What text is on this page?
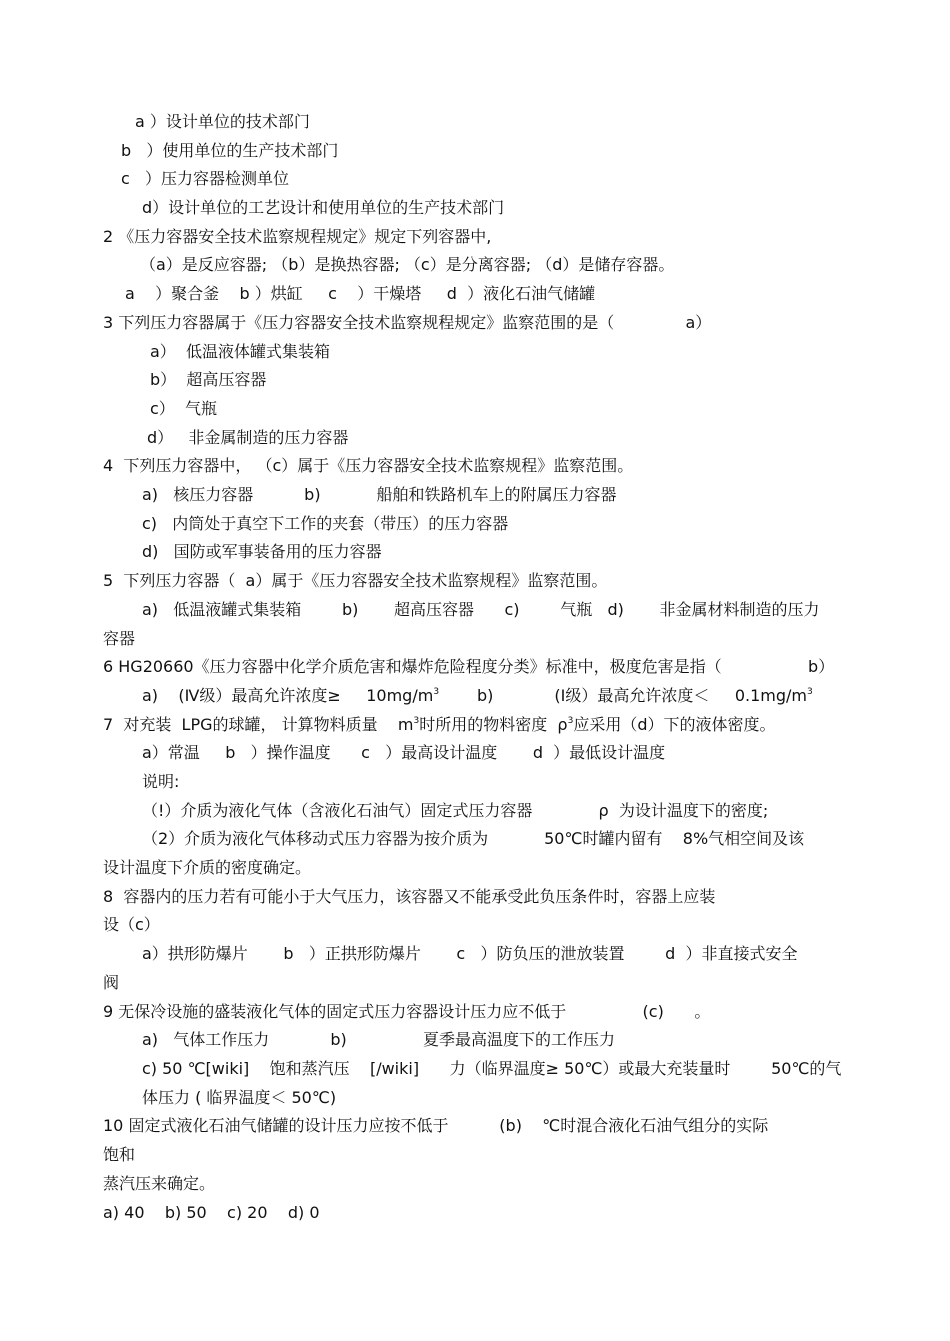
a ）设计单位的技术部门
b   ）使用单位的生产技术部门
c   ）压力容器检测单位
d）设计单位的工艺设计和使用单位的生产技术部门
2 《压力容器安全技术监察规程规定》规定下列容器中,
（a）是反应容器; （b）是换热容器; （c）是分离容器; （d）是储存容器。
a    ）聚合釜    b ）烘缸     c    ）干燥塔     d  ）液化石油气储罐
3 下列压力容器属于《压力容器安全技术监察规程规定》监察范围的是（              a）
a）  低温液体罐式集装箱
b）  超高压容器
c）  气瓶
d）   非金属制造的压力容器
4  下列压力容器中， （c）属于《压力容器安全技术监察规程》监察范围。
a)   核压力容器          b)           船舶和铁路机车上的附属压力容器
c)   内筒处于真空下工作的夹套（带压）的压力容器
d)   国防或军事装备用的压力容器
5  下列压力容器（  a）属于《压力容器安全技术监察规程》监察范围。
a)   低温液罐式集装箱        b)       超高压容器      c)        气瓶   d)       非金属材料制造的压力
容器
6 HG20660《压力容器中化学介质危害和爆炸危险程度分类》标准中，极度危害是指（                 b）
a)    (Ⅳ级）最高允许浓度≥     $10mg/m^3$ b)            (Ⅰ级）最高允许浓度＜     $0.1mg/m^3$
7  对充装  LPG的球罐， 计算物料质量    $m^3$时所用的物料密度  $\rho^3$应采用（d）下的液体密度。
a）常温     b   ）操作温度      c   ）最高设计温度       d  ）最低设计温度
说明:
（!）介质为液化气体（含液化石油气）固定式压力容器             ρ  为设计温度下的密度;
（2）介质为液化气体移动式压力容器为按介质为           50℃时罐内留有    8%气相空间及该
设计温度下介质的密度确定。
8  容器内的压力若有可能小于大气压力，该容器又不能承受此负压条件时，容器上应装
设（c）
a）拱形防爆片       b   ）正拱形防爆片       c   ）防负压的泄放装置        d  ）非直接式安全
阀
9 无保冷设施的盛装液化气体的固定式压力容器设计压力应不低于               (c)      。
a)   气体工作压力            b)               夏季最高温度下的工作压力
c) 50 ℃[wiki]    饱和蒸汽压    [/wiki]      力（临界温度≥ 50℃）或最大充装量时        50℃的气
体压力 ( 临界温度＜ 50℃)
10 固定式液化石油气储罐的设计压力应按不低于          (b)    ℃时混合液化石油气组分的实际
饱和
蒸汽压来确定。
a) 40    b) 50    c) 20    d) 0
